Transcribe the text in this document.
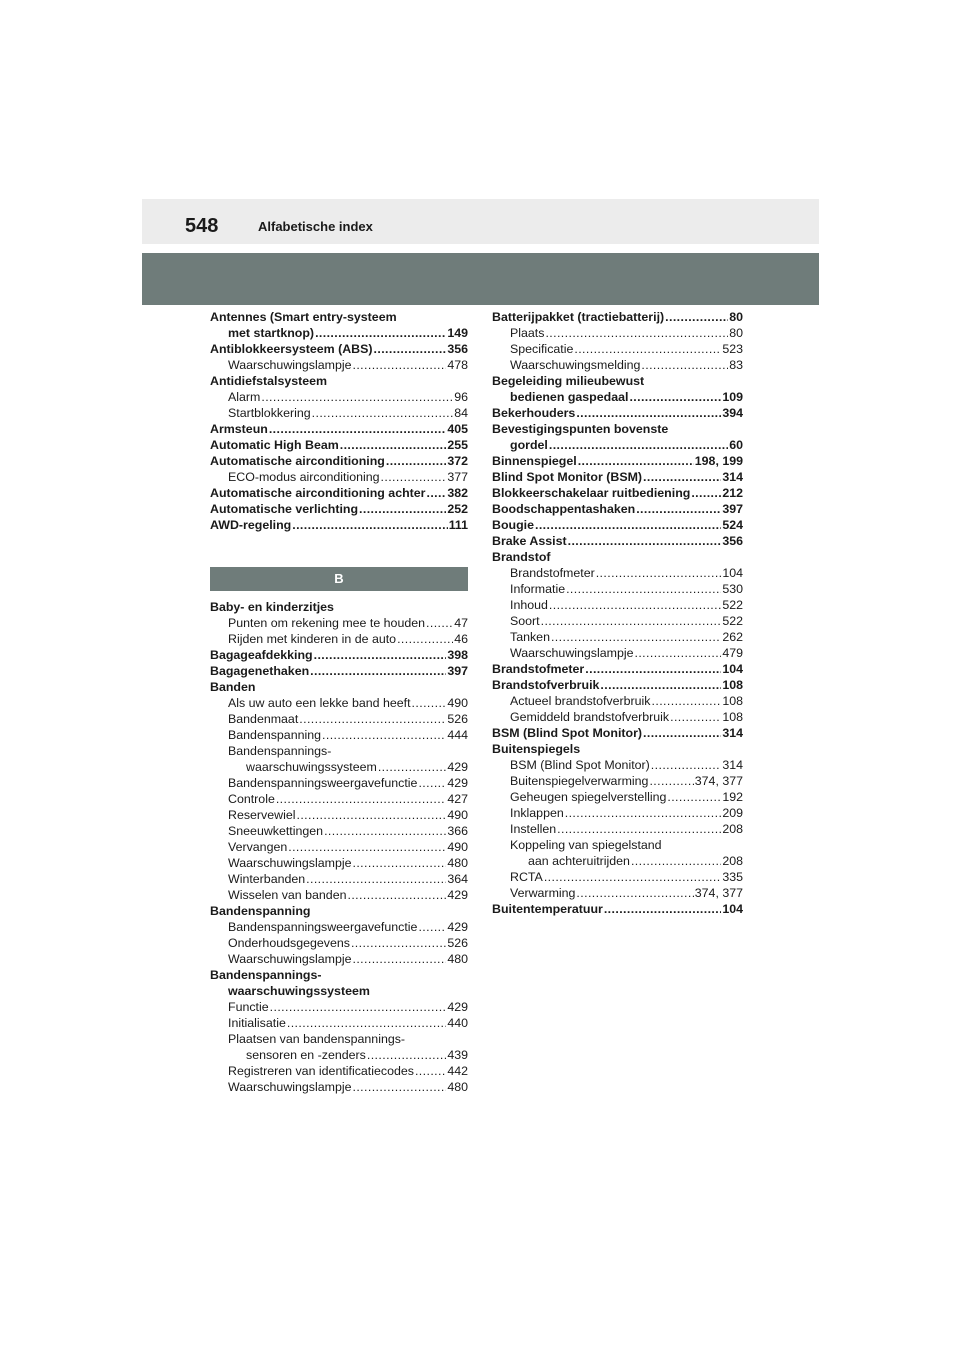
548	Alfabetische index
Antennes (Smart entry-systeem
met startknop) .....	149
Antiblokkeersysteem (ABS) .....	356
Waarschuwingslampje .....	478
Antidiefstalsysteem
Alarm .....	96
Startblokkering .....	84
Armsteun .....	405
Automatic High Beam .....	255
Automatische airconditioning .....	372
ECO-modus airconditioning .....	377
Automatische airconditioning achter ..... 382
Automatische verlichting .....	252
AWD-regeling .....	111
B
Baby- en kinderzitjes
Punten om rekening mee te houden ..... 47
Rijden met kinderen in de auto .....	46
Bagageafdekking .....	398
Bagagenethaken .....	397
Banden
Als uw auto een lekke band heeft .....	490
Bandenmaat .....	526
Bandenspanning .....	444
Bandenspannings-
waarschuwingssysteem .....	429
Bandenspanningsweergavefunctie ..... 429
Controle .....	427
Reservewiel .....	490
Sneeuwkettingen .....	366
Vervangen .....	490
Waarschuwingslampje .....	480
Winterbanden .....	364
Wisselen van banden .....	429
Bandenspanning
Bandenspanningsweergavefunctie ..... 429
Onderhoudsgegevens .....	526
Waarschuwingslampje .....	480
Bandenspannings-
waarschuwingssysteem
Functie .....	429
Initialisatie .....	440
Plaatsen van bandenspannings-
sensoren en -zenders .....	439
Registreren van identificatiecodes .....	442
Waarschuwingslampje .....	480
Batterijpakket (tractiebatterij) .....	80
Plaats .....	80
Specificatie .....	523
Waarschuwingsmelding .....	83
Begeleiding milieubewust
bedienen gaspedaal .....	109
Bekerhouders .....	394
Bevestigingspunten bovenste
gordel .....	60
Binnenspiegel .....	198, 199
Blind Spot Monitor (BSM) .....	314
Blokkeerschakelaar ruitbediening .....	212
Boodschappentashaken .....	397
Bougie .....	524
Brake Assist .....	356
Brandstof
Brandstofmeter .....	104
Informatie .....	530
Inhoud .....	522
Soort .....	522
Tanken .....	262
Waarschuwingslampje .....	479
Brandstofmeter .....	104
Brandstofverbruik .....	108
Actueel brandstofverbruik .....	108
Gemiddeld brandstofverbruik .....	108
BSM (Blind Spot Monitor) .....	314
Buitenspiegels
BSM (Blind Spot Monitor) .....	314
Buitenspiegelverwarming .....	374, 377
Geheugen spiegelverstelling .....	192
Inklappen .....	209
Instellen .....	208
Koppeling van spiegelstand
aan achteruitrijden .....	208
RCTA .....	335
Verwarming .....	374, 377
Buitentemperatuur .....	104
